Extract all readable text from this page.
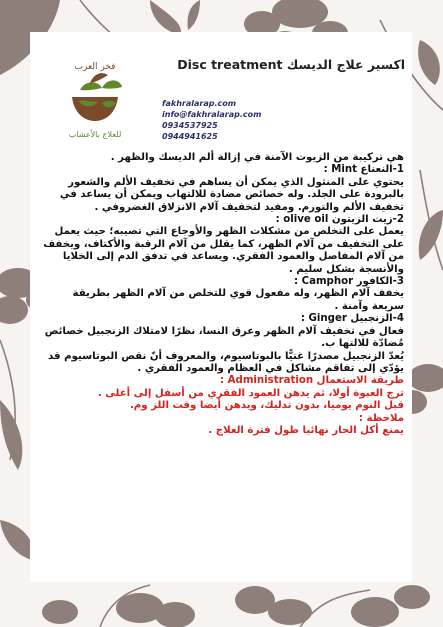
فخر العرب
للعلاج بالأعشاب
اكسير علاج الديسك Disc treatment
fakhralarap.com
info@fakhralarap.com
0934537925
0944941625

هي تركيبة من الزيوت الآمنة في إزالة ألم الديسك والظهر .

1-النعناع Mint :

يحتوي على المنثول الذي يمكن أن يساهم في تخفيف الألم والشعور بالبرودة على الجلد. وله خصائص مضادة للالتهاب ويمكن أن يساعد في تخفيف الألم والتورم. ومفيد لتخفيف آلام الانزلاق الغضروفي .

2-زيت الزيتون olive oil :

يعمل على التخلص من مشكلات الظهر والأوجاع التي تصيبه؛ حيث يعمل على التخفيف من آلام الظهر، كما يقلل من آلام الرقبة والأكتاف، ويخفف من آلام المفاصل والعمود الفقري. ويساعد في تدفق الدم إلى الخلايا والأنسجة بشكل سليم .

3-الكافور Camphor :

يخفف آلام الظهر، وله مفعول قوي للتخلص من آلام الظهر بطريقة سريعة وآمنة .

4-الزنجبيل Ginger :

فعال في تخفيف آلام الظهر وعرق النسا، نظرًا لامتلاك الزنجبيل خصائص مُضادّة للالتها ب.

يُعدّ الزنجبيل مصدرًا غنيًّا بالبوتاسيوم، والمعروف أنّ نقص البوتاسيوم قد يؤدّي إلى تفاقم مشاكل في العظام والعمود الفقري .

طريقة الاستعمال Administration :

ترج العبوة أولا، ثم يدهن العمود الفقري من أسفل إلى أعلى .

قبل النوم يوميا، بدون تدليك، ويدهن أيضا وقت اللز وم.

ملاحظة :

يمنع أكل الحار نهائيا طول فترة العلاج .
